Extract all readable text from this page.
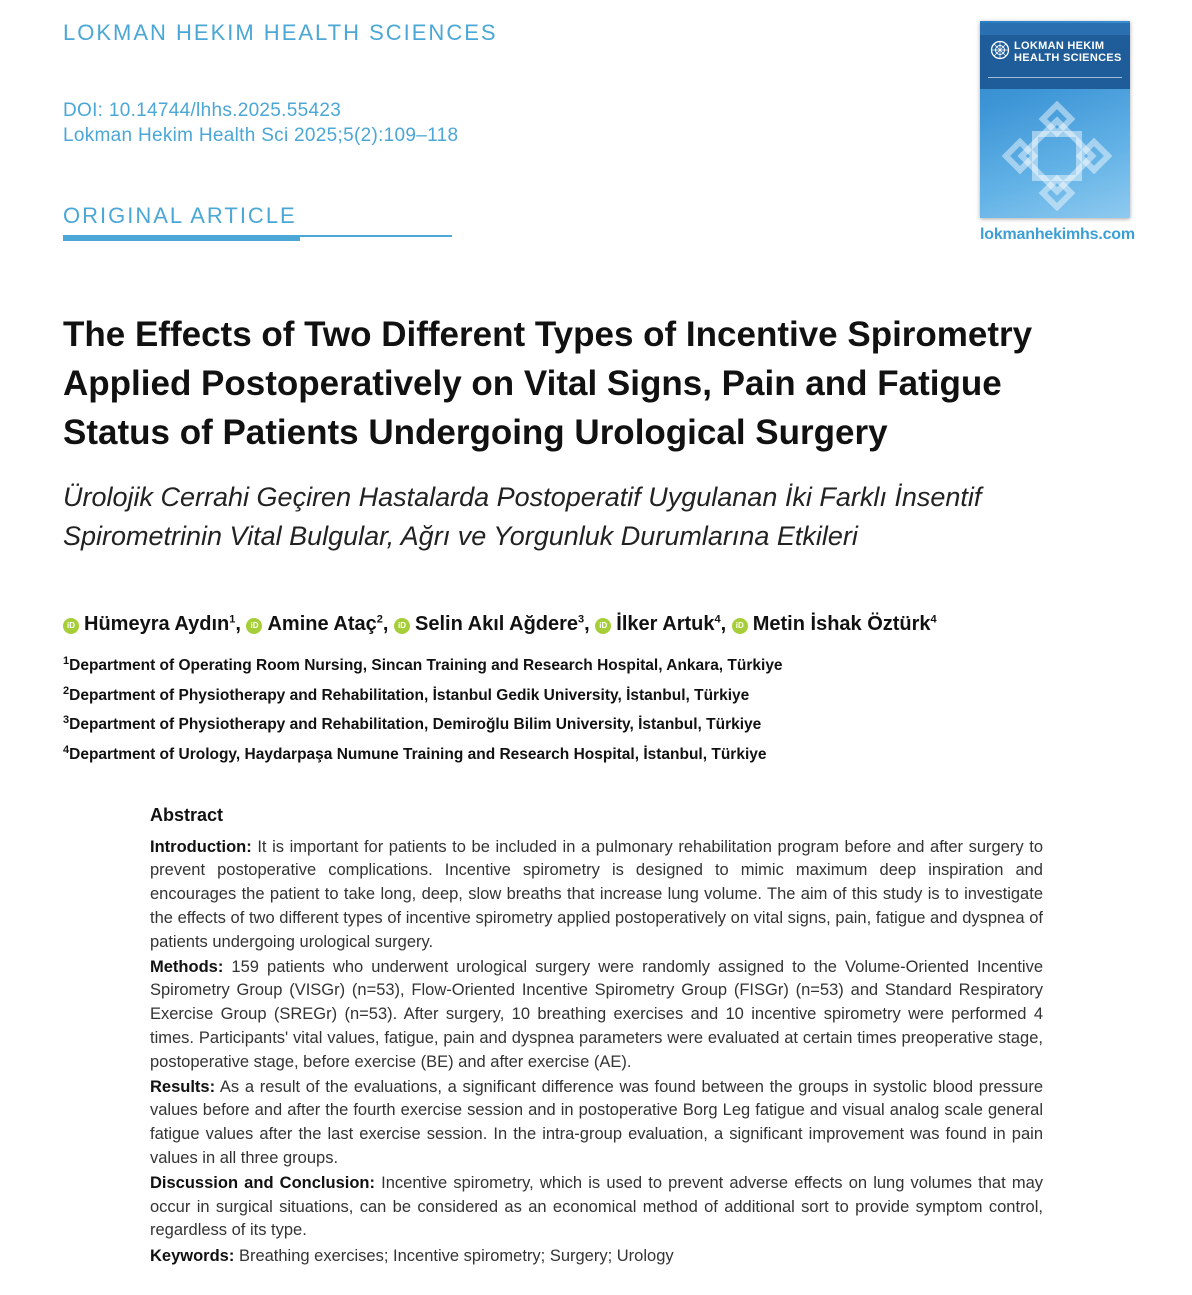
LOKMAN HEKIM HEALTH SCIENCES
DOI: 10.14744/lhhs.2025.55423
Lokman Hekim Health Sci 2025;5(2):109–118
ORIGINAL ARTICLE
LOKMAN HEKIM
HEALTH SCIENCES
lokmanhekimhs.com
The Effects of Two Different Types of Incentive Spirometry Applied Postoperatively on Vital Signs, Pain and Fatigue Status of Patients Undergoing Urological Surgery
Ürolojik Cerrahi Geçiren Hastalarda Postoperatif Uygulanan İki Farklı İnsentif Spirometrinin Vital Bulgular, Ağrı ve Yorgunluk Durumlarına Etkileri
iD Hümeyra Aydın$^1$, iD Amine Ataç$^2$, iD Selin Akıl Ağdere$^3$, iD İlker Artuk$^4$, iD Metin İshak Öztürk$^4$
$^1$Department of Operating Room Nursing, Sincan Training and Research Hospital, Ankara, Türkiye
$^2$Department of Physiotherapy and Rehabilitation, İstanbul Gedik University, İstanbul, Türkiye
$^3$Department of Physiotherapy and Rehabilitation, Demiroğlu Bilim University, İstanbul, Türkiye
$^4$Department of Urology, Haydarpaşa Numune Training and Research Hospital, İstanbul, Türkiye
Abstract

Introduction: It is important for patients to be included in a pulmonary rehabilitation program before and after surgery to prevent postoperative complications. Incentive spirometry is designed to mimic maximum deep inspiration and encourages the patient to take long, deep, slow breaths that increase lung volume. The aim of this study is to investigate the effects of two different types of incentive spirometry applied postoperatively on vital signs, pain, fatigue and dyspnea of patients undergoing urological surgery.

Methods: 159 patients who underwent urological surgery were randomly assigned to the Volume-Oriented Incentive Spirometry Group (VISGr) (n=53), Flow-Oriented Incentive Spirometry Group (FISGr) (n=53) and Standard Respiratory Exercise Group (SREGr) (n=53). After surgery, 10 breathing exercises and 10 incentive spirometry were performed 4 times. Participants' vital values, fatigue, pain and dyspnea parameters were evaluated at certain times preoperative stage, postoperative stage, before exercise (BE) and after exercise (AE).

Results: As a result of the evaluations, a significant difference was found between the groups in systolic blood pressure values before and after the fourth exercise session and in postoperative Borg Leg fatigue and visual analog scale general fatigue values after the last exercise session. In the intra-group evaluation, a significant improvement was found in pain values in all three groups.

Discussion and Conclusion: Incentive spirometry, which is used to prevent adverse effects on lung volumes that may occur in surgical situations, can be considered as an economical method of additional sort to provide symptom control, regardless of its type.

Keywords: Breathing exercises; Incentive spirometry; Surgery; Urology
